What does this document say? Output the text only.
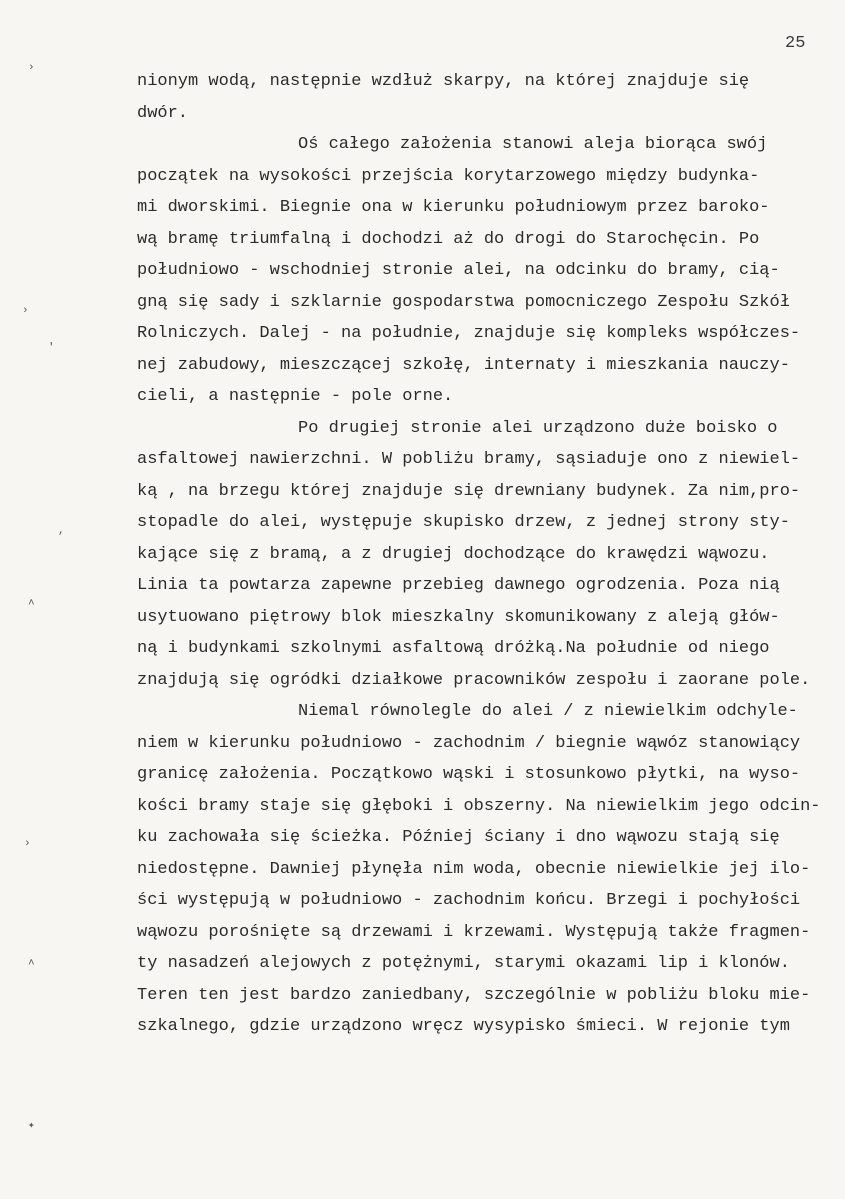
25
nionym wodą, następnie wzdłuż skarpy, na której znajduje się
dwór.
Oś całego założenia stanowi aleja biorąca swój
początek na wysokości przejścia korytarzowego między budynka-
mi dworskimi. Biegnie ona w kierunku południowym przez baroko-
wą bramę triumfalną i dochodzi aż do drogi do Starochęcin. Po
południowo - wschodniej stronie alei, na odcinku do bramy, cią-
gną się sady i szklarnie gospodarstwa pomocniczego Zespołu Szkół
Rolniczych. Dalej - na południe, znajduje się kompleks współczes-
nej zabudowy, mieszczącej szkołę, internaty i mieszkania nauczy-
cieli, a następnie - pole orne.
Po drugiej stronie alei urządzono duże boisko o
asfaltowej nawierzchni. W pobliżu bramy, sąsiaduje ono z niewiel-
ką , na brzegu której znajduje się drewniany budynek. Za nim,pro-
stopadle do alei, występuje skupisko drzew, z jednej strony sty-
kające się z bramą, a z drugiej dochodzące do krawędzi wąwozu.
Linia ta powtarza zapewne przebieg dawnego ogrodzenia. Poza nią
usytuowano piętrowy blok mieszkalny skomunikowany z aleją głów-
ną i budynkami szkolnymi asfaltową dróżką.Na południe od niego
znajdują się ogródki działkowe pracowników zespołu i zaorane pole.
Niemal równolegle do alei / z niewielkim odchyle-
niem w kierunku południowo - zachodnim / biegnie wąwóz stanowiący
granicę założenia. Początkowo wąski i stosunkowo płytki, na wyso-
kości bramy staje się głęboki i obszerny. Na niewielkim jego odcin-
ku zachowała się ścieżka. Później ściany i dno wąwozu stają się
niedostępne. Dawniej płynęła nim woda, obecnie niewielkie jej ilo-
ści występują w południowo - zachodnim końcu. Brzegi i pochyłości
wąwozu porośnięte są drzewami i krzewami. Występują także fragmen-
ty nasadzeń alejowych z potężnymi, starymi okazami lip i klonów.
Teren ten jest bardzo zaniedbany, szczególnie w pobliżu bloku mie-
szkalnego, gdzie urządzono wręcz wysypisko śmieci. W rejonie tym
›
›
'
,
˄
›
˄
✦
